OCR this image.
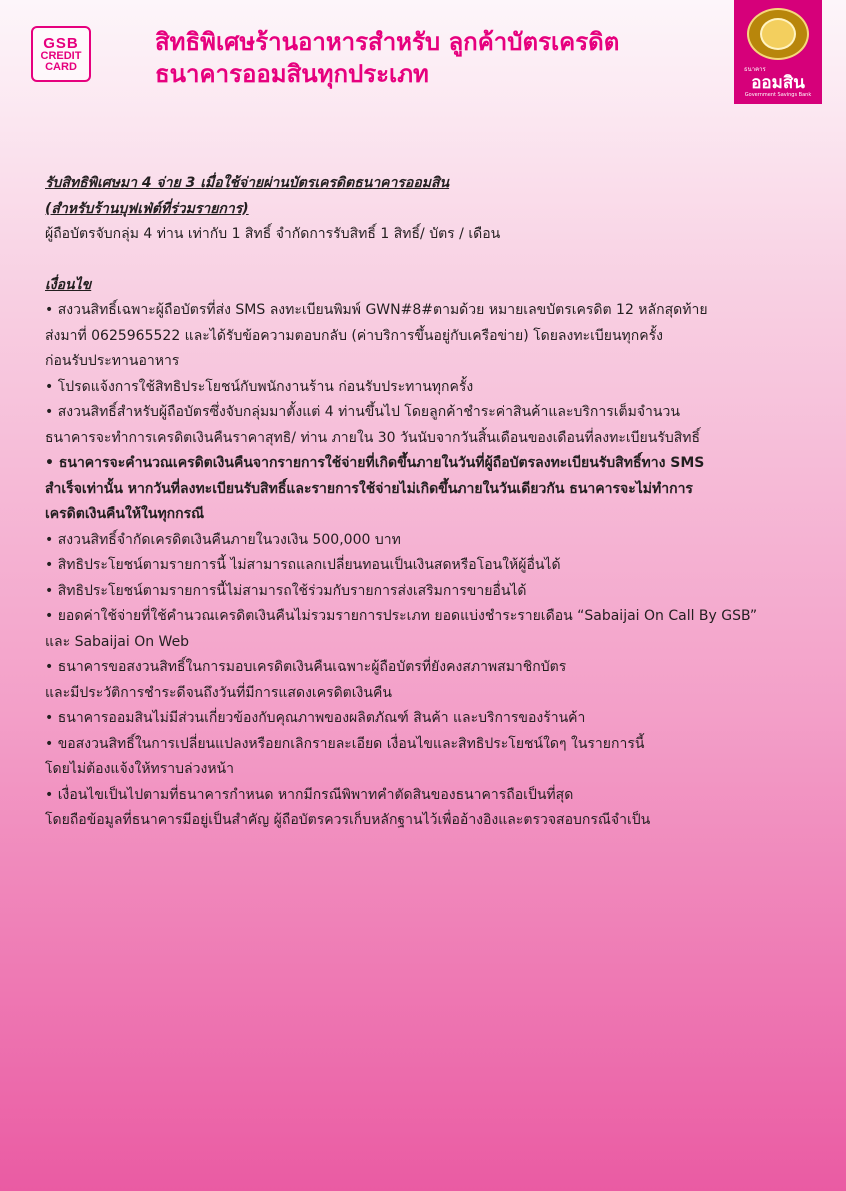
GSB
CREDIT
CARD
สิทธิพิเศษร้านอาหารสำหรับ ลูกค้าบัตรเครดิต
ธนาคารออมสินทุกประเภท	ธนาคาร
ออมสิน
Government Savings Bank

รับสิทธิพิเศษมา 4 จ่าย 3 เมื่อใช้จ่ายผ่านบัตรเครดิตธนาคารออมสิน

(สำหรับร้านบุฟเฟ่ต์ที่ร่วมรายการ)

ผู้ถือบัตรจับกลุ่ม 4 ท่าน เท่ากับ 1 สิทธิ์ จำกัดการรับสิทธิ์ 1 สิทธิ์/ บัตร / เดือน

เงื่อนไข

• สงวนสิทธิ์เฉพาะผู้ถือบัตรที่ส่ง SMS ลงทะเบียนพิมพ์ GWN#8#ตามด้วย หมายเลขบัตรเครดิต 12 หลักสุดท้าย

ส่งมาที่ 0625965522 และได้รับข้อความตอบกลับ (ค่าบริการขึ้นอยู่กับเครือข่าย) โดยลงทะเบียนทุกครั้ง

ก่อนรับประทานอาหาร

• โปรดแจ้งการใช้สิทธิประโยชน์กับพนักงานร้าน ก่อนรับประทานทุกครั้ง

• สงวนสิทธิ์สำหรับผู้ถือบัตรซึ่งจับกลุ่มมาตั้งแต่ 4 ท่านขึ้นไป โดยลูกค้าชำระค่าสินค้าและบริการเต็มจำนวน

ธนาคารจะทำการเครดิตเงินคืนราคาสุทธิ/ ท่าน ภายใน 30 วันนับจากวันสิ้นเดือนของเดือนที่ลงทะเบียนรับสิทธิ์

• ธนาคารจะคำนวณเครดิตเงินคืนจากรายการใช้จ่ายที่เกิดขึ้นภายในวันที่ผู้ถือบัตรลงทะเบียนรับสิทธิ์ทาง SMS

สำเร็จเท่านั้น หากวันที่ลงทะเบียนรับสิทธิ์และรายการใช้จ่ายไม่เกิดขึ้นภายในวันเดียวกัน ธนาคารจะไม่ทำการ

เครดิตเงินคืนให้ในทุกกรณี

• สงวนสิทธิ์จำกัดเครดิตเงินคืนภายในวงเงิน 500,000 บาท

• สิทธิประโยชน์ตามรายการนี้ ไม่สามารถแลกเปลี่ยนทอนเป็นเงินสดหรือโอนให้ผู้อื่นได้

• สิทธิประโยชน์ตามรายการนี้ไม่สามารถใช้ร่วมกับรายการส่งเสริมการขายอื่นได้

• ยอดค่าใช้จ่ายที่ใช้คำนวณเครดิตเงินคืนไม่รวมรายการประเภท ยอดแบ่งชำระรายเดือน “Sabaijai On Call By GSB”

และ Sabaijai On Web

• ธนาคารขอสงวนสิทธิ์ในการมอบเครดิตเงินคืนเฉพาะผู้ถือบัตรที่ยังคงสภาพสมาชิกบัตร

และมีประวัติการชำระดีจนถึงวันที่มีการแสดงเครดิตเงินคืน

• ธนาคารออมสินไม่มีส่วนเกี่ยวข้องกับคุณภาพของผลิตภัณฑ์ สินค้า และบริการของร้านค้า

• ขอสงวนสิทธิ์ในการเปลี่ยนแปลงหรือยกเลิกรายละเอียด เงื่อนไขและสิทธิประโยชน์ใดๆ ในรายการนี้

โดยไม่ต้องแจ้งให้ทราบล่วงหน้า

• เงื่อนไขเป็นไปตามที่ธนาคารกำหนด หากมีกรณีพิพาทคำตัดสินของธนาคารถือเป็นที่สุด

โดยถือข้อมูลที่ธนาคารมีอยู่เป็นสำคัญ ผู้ถือบัตรควรเก็บหลักฐานไว้เพื่ออ้างอิงและตรวจสอบกรณีจำเป็น
